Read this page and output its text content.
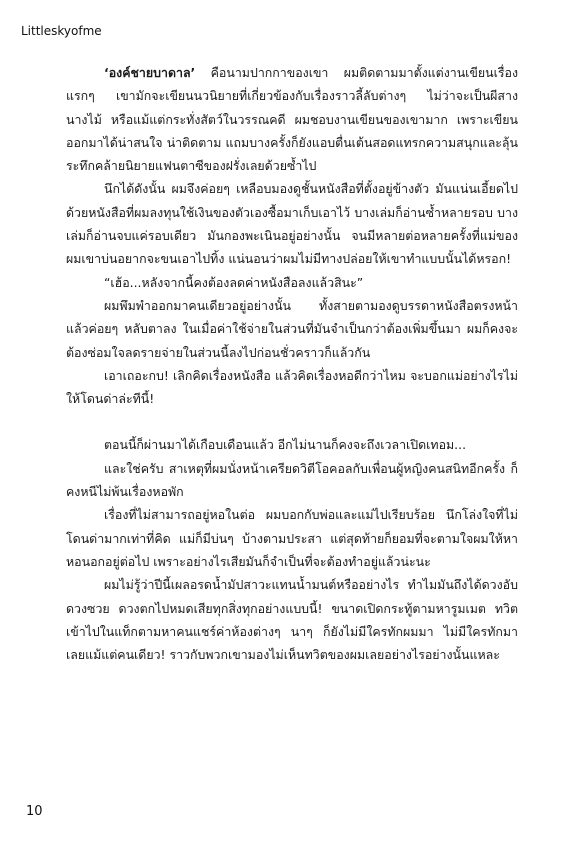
Littleskyofme

‘องค์ชายบาดาล’ คือนามปากกาของเขา ผมติดตามมาตั้งแต่งานเขียนเรื่องแรกๆ เขามักจะเขียนนวนิยายที่เกี่ยวข้องกับเรื่องราวลี้ลับต่างๆ ไม่ว่าจะเป็นผีสางนางไม้ หรือแม้แต่กระทั่งสัตว์ในวรรณคดี ผมชอบงานเขียนของเขามาก เพราะเขียนออกมาได้น่าสนใจ น่าติดตาม แถมบางครั้งก็ยังแอบตื่นเต้นสอดแทรกความสนุกและลุ้นระทึกคล้ายนิยายแฟนตาซีของฝรั่งเลยด้วยซ้ำไป

นึกได้ดังนั้น ผมจึงค่อยๆ เหลือบมองดูชั้นหนังสือที่ตั้งอยู่ข้างตัว มันแน่นเอี้ยดไปด้วยหนังสือที่ผมลงทุนใช้เงินของตัวเองซื้อมาเก็บเอาไว้ บางเล่มก็อ่านซ้ำหลายรอบ บางเล่มก็อ่านจบแค่รอบเดียว มันกองพะเนินอยู่อย่างนั้น จนมีหลายต่อหลายครั้งที่แม่ของผมเขาบ่นอยากจะขนเอาไปทิ้ง แน่นอนว่าผมไม่มีทางปล่อยให้เขาทำแบบนั้นได้หรอก!

“เฮ้อ...หลังจากนี้คงต้องลดค่าหนังสือลงแล้วสินะ”

ผมพึมพำออกมาคนเดียวอยู่อย่างนั้น ทั้งสายตามองดูบรรดาหนังสือตรงหน้า แล้วค่อยๆ หลับตาลง ในเมื่อค่าใช้จ่ายในส่วนที่มันจำเป็นกว่าต้องเพิ่มขึ้นมา ผมก็คงจะต้องซ่อมใจลดรายจ่ายในส่วนนี้ลงไปก่อนชั่วคราวก็แล้วกัน

เอาเถอะกบ! เลิกคิดเรื่องหนังสือ แล้วคิดเรื่องหอดีกว่าไหม จะบอกแม่อย่างไรไม่ให้โดนด่าล่ะทีนี้!

ตอนนี้ก็ผ่านมาได้เกือบเดือนแล้ว อีกไม่นานก็คงจะถึงเวลาเปิดเทอม...

และใช่ครับ สาเหตุที่ผมนั่งหน้าเครียดวิตีโอคอลกับเพื่อนผู้หญิงคนสนิทอีกครั้ง ก็คงหนีไม่พ้นเรื่องหอพัก

เรื่องที่ไม่สามารถอยู่หอในต่อ ผมบอกกับพ่อและแม่ไปเรียบร้อย นึกโล่งใจที่ไม่โดนด่ามากเท่าที่คิด แม่ก็มีบ่นๆ บ้างตามประสา แต่สุดท้ายก็ยอมที่จะตามใจผมให้หาหอนอกอยู่ต่อไป เพราะอย่างไรเสียมันก็จำเป็นที่จะต้องทำอยู่แล้วน่ะนะ

ผมไม่รู้ว่าปีนี้เผลอรดน้ำมัปสาวะแทนน้ำมนต์หรืออย่างไร ทำไมมันถึงได้ดวงอับ ดวงซวย ดวงตกไปหมดเสียทุกสิ่งทุกอย่างแบบนี้! ขนาดเปิดกระทู้ตามหารูมเมต ทวิตเข้าไปในแท็กตามหาคนแชร์ค่าห้องต่างๆ นาๆ ก็ยังไม่มีใครทักผมมา ไม่มีใครทักมาเลยแม้แต่คนเดียว! ราวกับพวกเขามองไม่เห็นทวิตของผมเลยอย่างไรอย่างนั้นแหละ

10
